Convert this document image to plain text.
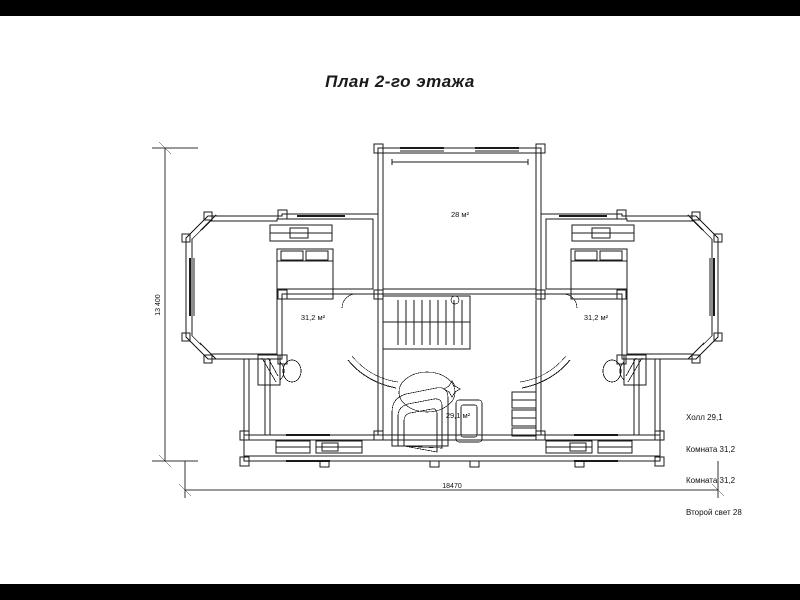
План 2-го этажа
13 400
18470
28 м²
31,2 м²	31,2 м²
29,1 м²

	Холл 29,1

Комната 31,2

Комната 31,2

Второй свет 28
